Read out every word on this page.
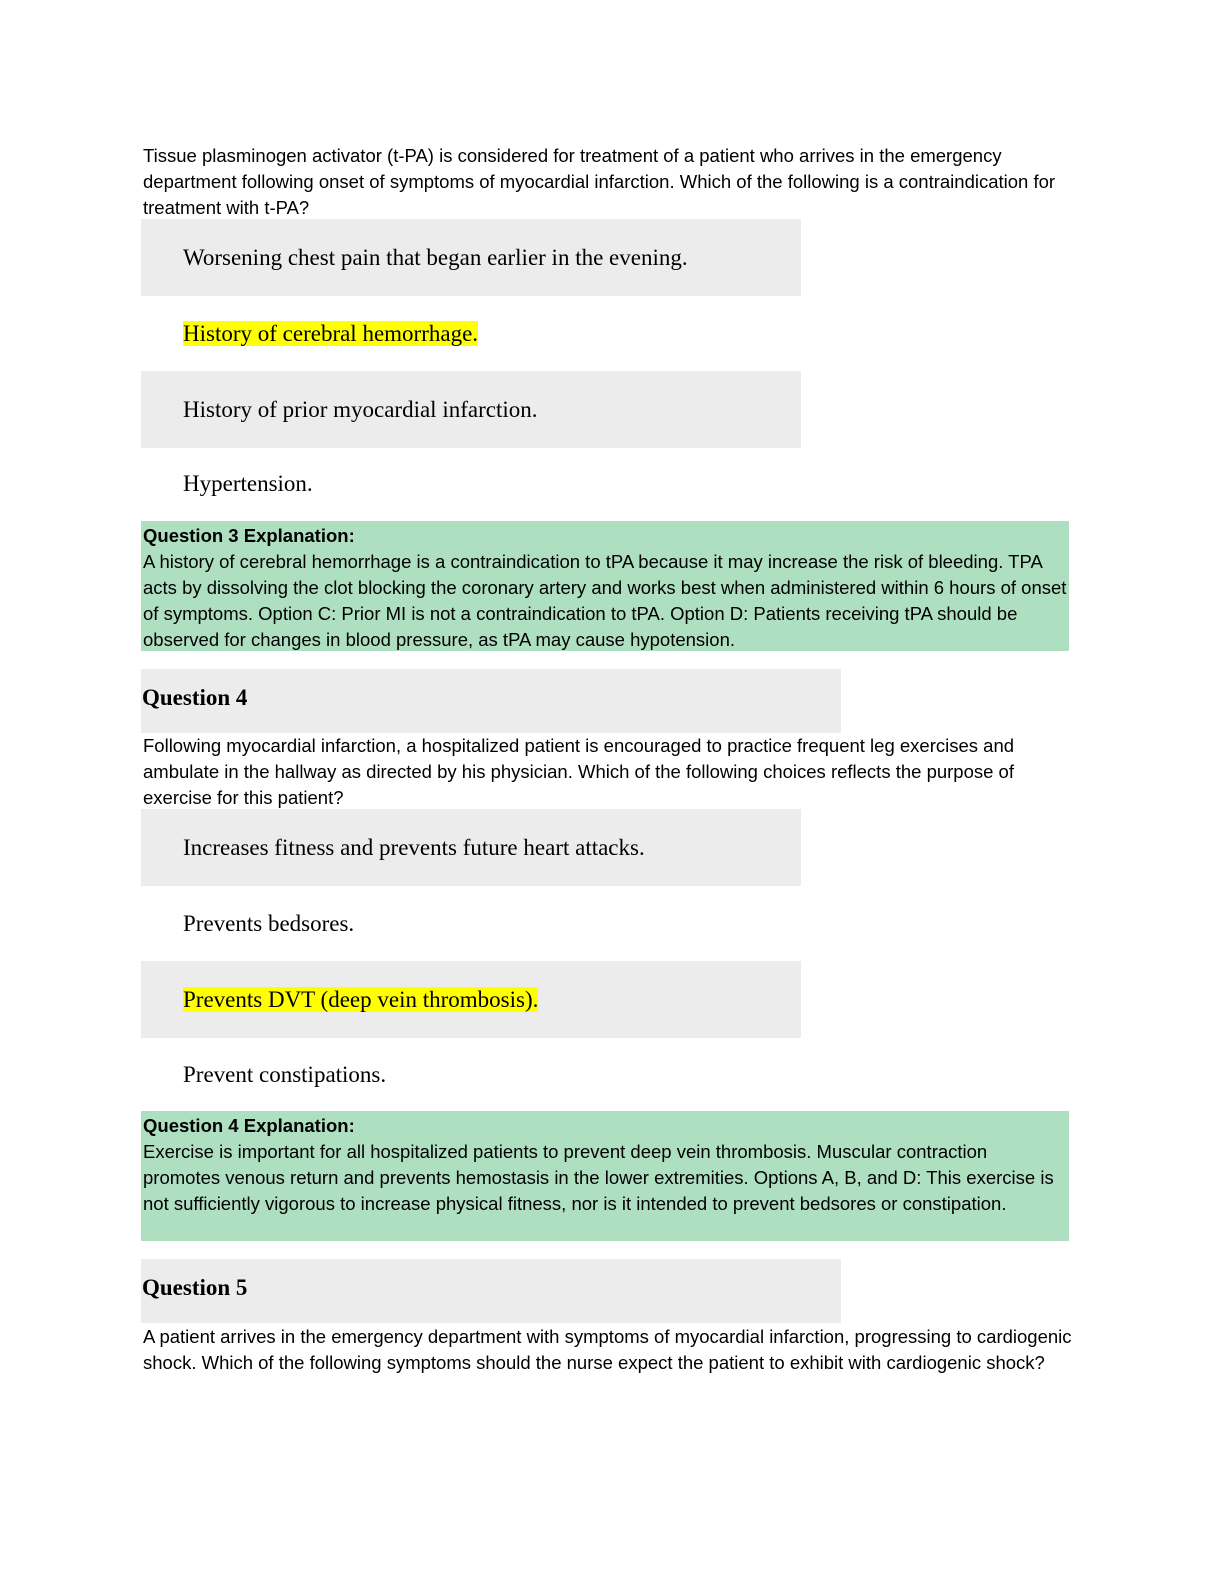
Tissue plasminogen activator (t-PA) is considered for treatment of a patient who arrives in the emergency department following onset of symptoms of myocardial infarction. Which of the following is a contraindication for treatment with t-PA?
Worsening chest pain that began earlier in the evening.
History of cerebral hemorrhage.
History of prior myocardial infarction.
Hypertension.
Question 3 Explanation:
A history of cerebral hemorrhage is a contraindication to tPA because it may increase the risk of bleeding. TPA acts by dissolving the clot blocking the coronary artery and works best when administered within 6 hours of onset of symptoms. Option C: Prior MI is not a contraindication to tPA. Option D: Patients receiving tPA should be observed for changes in blood pressure, as tPA may cause hypotension.
Question 4
Following myocardial infarction, a hospitalized patient is encouraged to practice frequent leg exercises and ambulate in the hallway as directed by his physician. Which of the following choices reflects the purpose of exercise for this patient?
Increases fitness and prevents future heart attacks.
Prevents bedsores.
Prevents DVT (deep vein thrombosis).
Prevent constipations.
Question 4 Explanation:
Exercise is important for all hospitalized patients to prevent deep vein thrombosis. Muscular contraction promotes venous return and prevents hemostasis in the lower extremities. Options A, B, and D: This exercise is not sufficiently vigorous to increase physical fitness, nor is it intended to prevent bedsores or constipation.
Question 5
A patient arrives in the emergency department with symptoms of myocardial infarction, progressing to cardiogenic shock. Which of the following symptoms should the nurse expect the patient to exhibit with cardiogenic shock?
